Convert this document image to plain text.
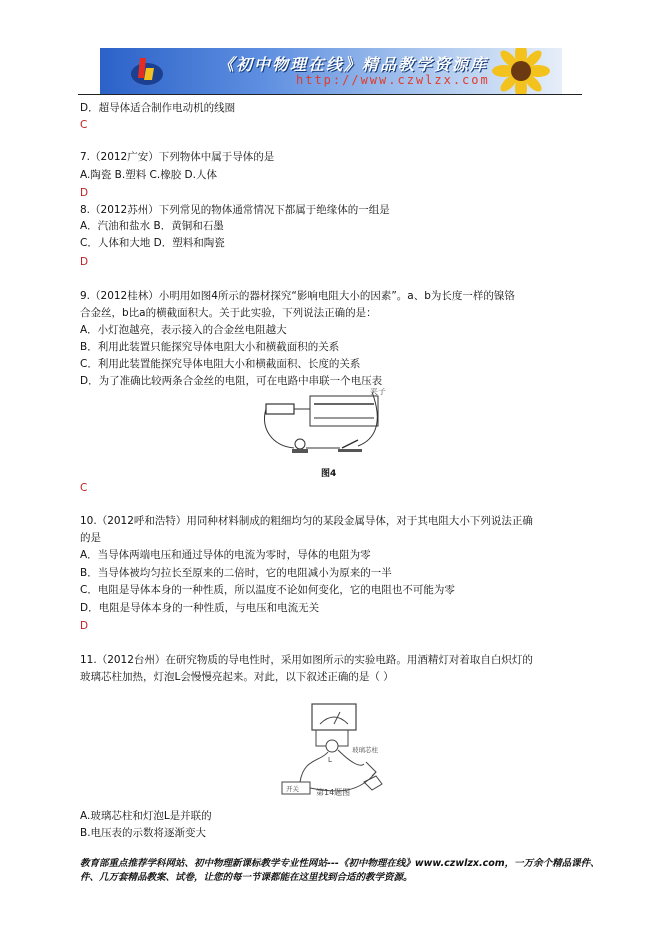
《初中物理在线》精品教学资源库
http://www.czwlzx.com
D．超导体适合制作电动机的线圈
C
7.（2012广安）下列物体中属于导体的是
A.陶瓷 B.塑料 C.橡胶 D.人体
D
8.（2012苏州）下列常见的物体通常情况下都属于绝缘体的一组是
A．汽油和盐水 B．黄铜和石墨
C．人体和大地 D．塑料和陶瓷
D
9.（2012桂林）小明用如图4所示的器材探究“影响电阻大小的因素”。a、b为长度一样的镍铬
合金丝，b比a的横截面积大。关于此实验，下列说法正确的是：
A．小灯泡越亮，表示接入的合金丝电阻越大
B．利用此装置只能探究导体电阻大小和横截面积的关系
C．利用此装置能探究导体电阻大小和横截面积、长度的关系
D．为了准确比较两条合金丝的电阻，可在电路中串联一个电压表
C
10.（2012呼和浩特）用同种材料制成的粗细均匀的某段金属导体，对于其电阻大小下列说法正确
的是
A．当导体两端电压和通过导体的电流为零时，导体的电阻为零
B．当导体被均匀拉长至原来的二倍时，它的电阻减小为原来的一半
C．电阻是导体本身的一种性质，所以温度不论如何变化，它的电阻也不可能为零
D．电阻是导体本身的一种性质，与电压和电流无关
D
11.（2012台州）在研究物质的导电性时，采用如图所示的实验电路。用酒精灯对着取自白炽灯的
玻璃芯柱加热，灯泡L会慢慢亮起来。对此，以下叙述正确的是（ ）
A.玻璃芯柱和灯泡L是并联的
B.电压表的示数将逐渐变大
夹子
图4
L
玻璃芯柱
开关 第14题图
教育部重点推荐学科网站、初中物理新课标教学专业性网站---《初中物理在线》www.czwlzx.com，一万余个精品课件、
件、几万套精品教案、试卷，让您的每一节课都能在这里找到合适的教学资源。
